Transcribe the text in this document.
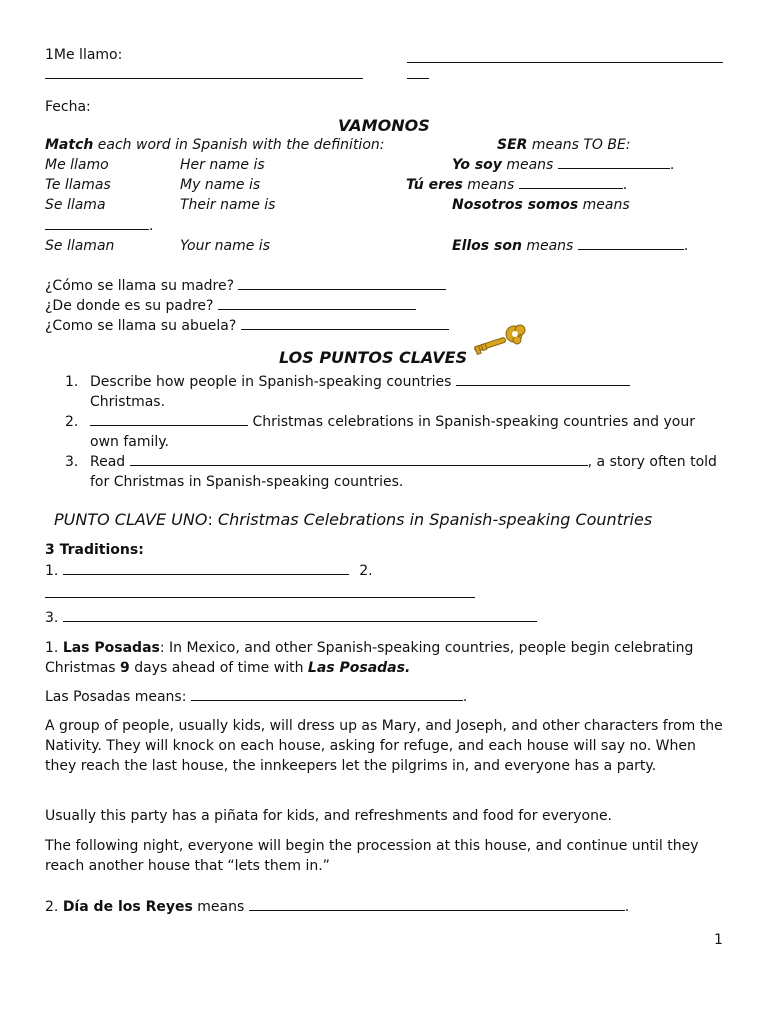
1Me llamo:
Fecha:
VAMONOS
Match each word in Spanish with the definition:	SER means TO BE:
Me llamo	Her name is	Yo soy means	.
Te llamas	My name is	Tú eres means	.
Se llama	Their name is	Nosotros somos means
.
Se llaman	Your name is	Ellos son means	.
¿Cómo se llama su madre?
¿De donde es su padre?
¿Como se llama su abuela?
LOS PUNTOS CLAVES
1. Describe how people in Spanish-speaking countries
Christmas.
2.	Christmas celebrations in Spanish-speaking countries and your own family.
3. Read	, a story often told for Christmas in Spanish-speaking countries.
PUNTO CLAVE UNO: Christmas Celebrations in Spanish-speaking Countries
3 Traditions:
1.	2.
3.

1. Las Posadas: In Mexico, and other Spanish-speaking countries, people begin celebrating Christmas 9 days ahead of time with Las Posadas.

Las Posadas means:	.

A group of people, usually kids, will dress up as Mary, and Joseph, and other characters from the Nativity. They will knock on each house, asking for refuge, and each house will say no. When they reach the last house, the innkeepers let the pilgrims in, and everyone has a party.

Usually this party has a piñata for kids, and refreshments and food for everyone.

The following night, everyone will begin the procession at this house, and continue until they reach another house that “lets them in.”

2. Día de los Reyes means	.
1
